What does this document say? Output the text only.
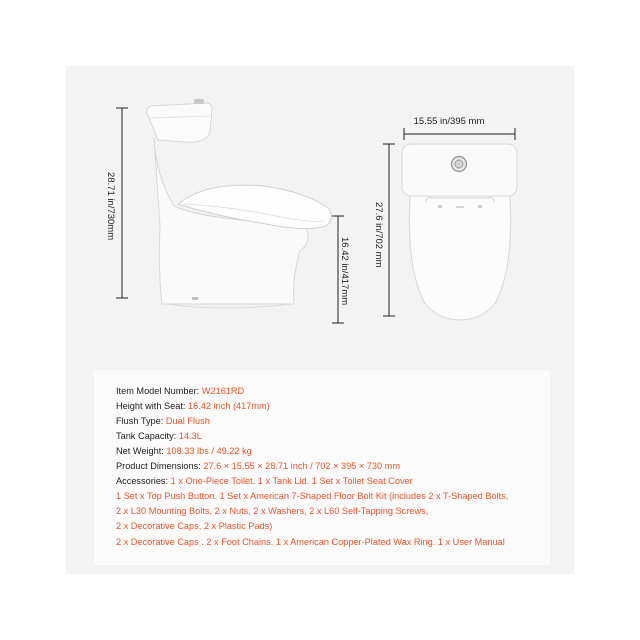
28.71 in/730mm
16.42 in/417mm
15.55 in/395 mm
27.6 in/702 mm
Item Model Number: W2161RD
Height with Seat: 16.42 inch (417mm)
Flush Type: Dual Flush
Tank Capacity: 14.3L
Net Weight: 108.33 lbs / 49.22 kg
Product Dimensions: 27.6 × 15.55 × 28.71 inch / 702 × 395 × 730 mm
Accessories: 1 x One-Piece Toilet. 1 x Tank Lid. 1 Set x Toilet Seat Cover
1 Set x Top Push Button. 1 Set x American 7-Shaped Floor Bolt Kit (includes 2 x T-Shaped Bolts,
2 x L30 Mounting Bolts, 2 x Nuts, 2 x Washers, 2 x L60 Self-Tapping Screws,
2 x Decorative Caps, 2 x Plastic Pads)
2 x Decorative Caps . 2 x Foot Chains. 1 x American Copper-Plated Wax Ring. 1 x User Manual
